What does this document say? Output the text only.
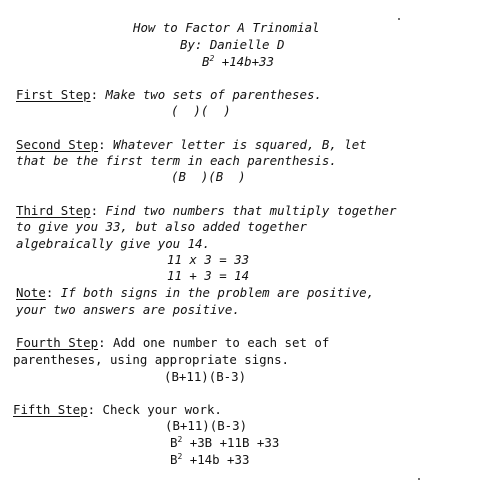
How to Factor A Trinomial
By: Danielle D
$B^2 +14b+33$
First Step: Make two sets of parentheses.
(  )(  )
Second Step: Whatever letter is squared, B, let
that be the first term in each parenthesis.
(B  )(B  )
Third Step: Find two numbers that multiply together
to give you 33, but also added together
algebraically give you 14.
11 x 3 = 33
11 + 3 = 14
Note: If both signs in the problem are positive,
your two answers are positive.
Fourth Step: Add one number to each set of
parentheses, using appropriate signs.
(B+11)(B-3)
Fifth Step: Check your work.
(B+11)(B-3)
$B^2 +3B +11B +33$
$B^2 +14b +33$
